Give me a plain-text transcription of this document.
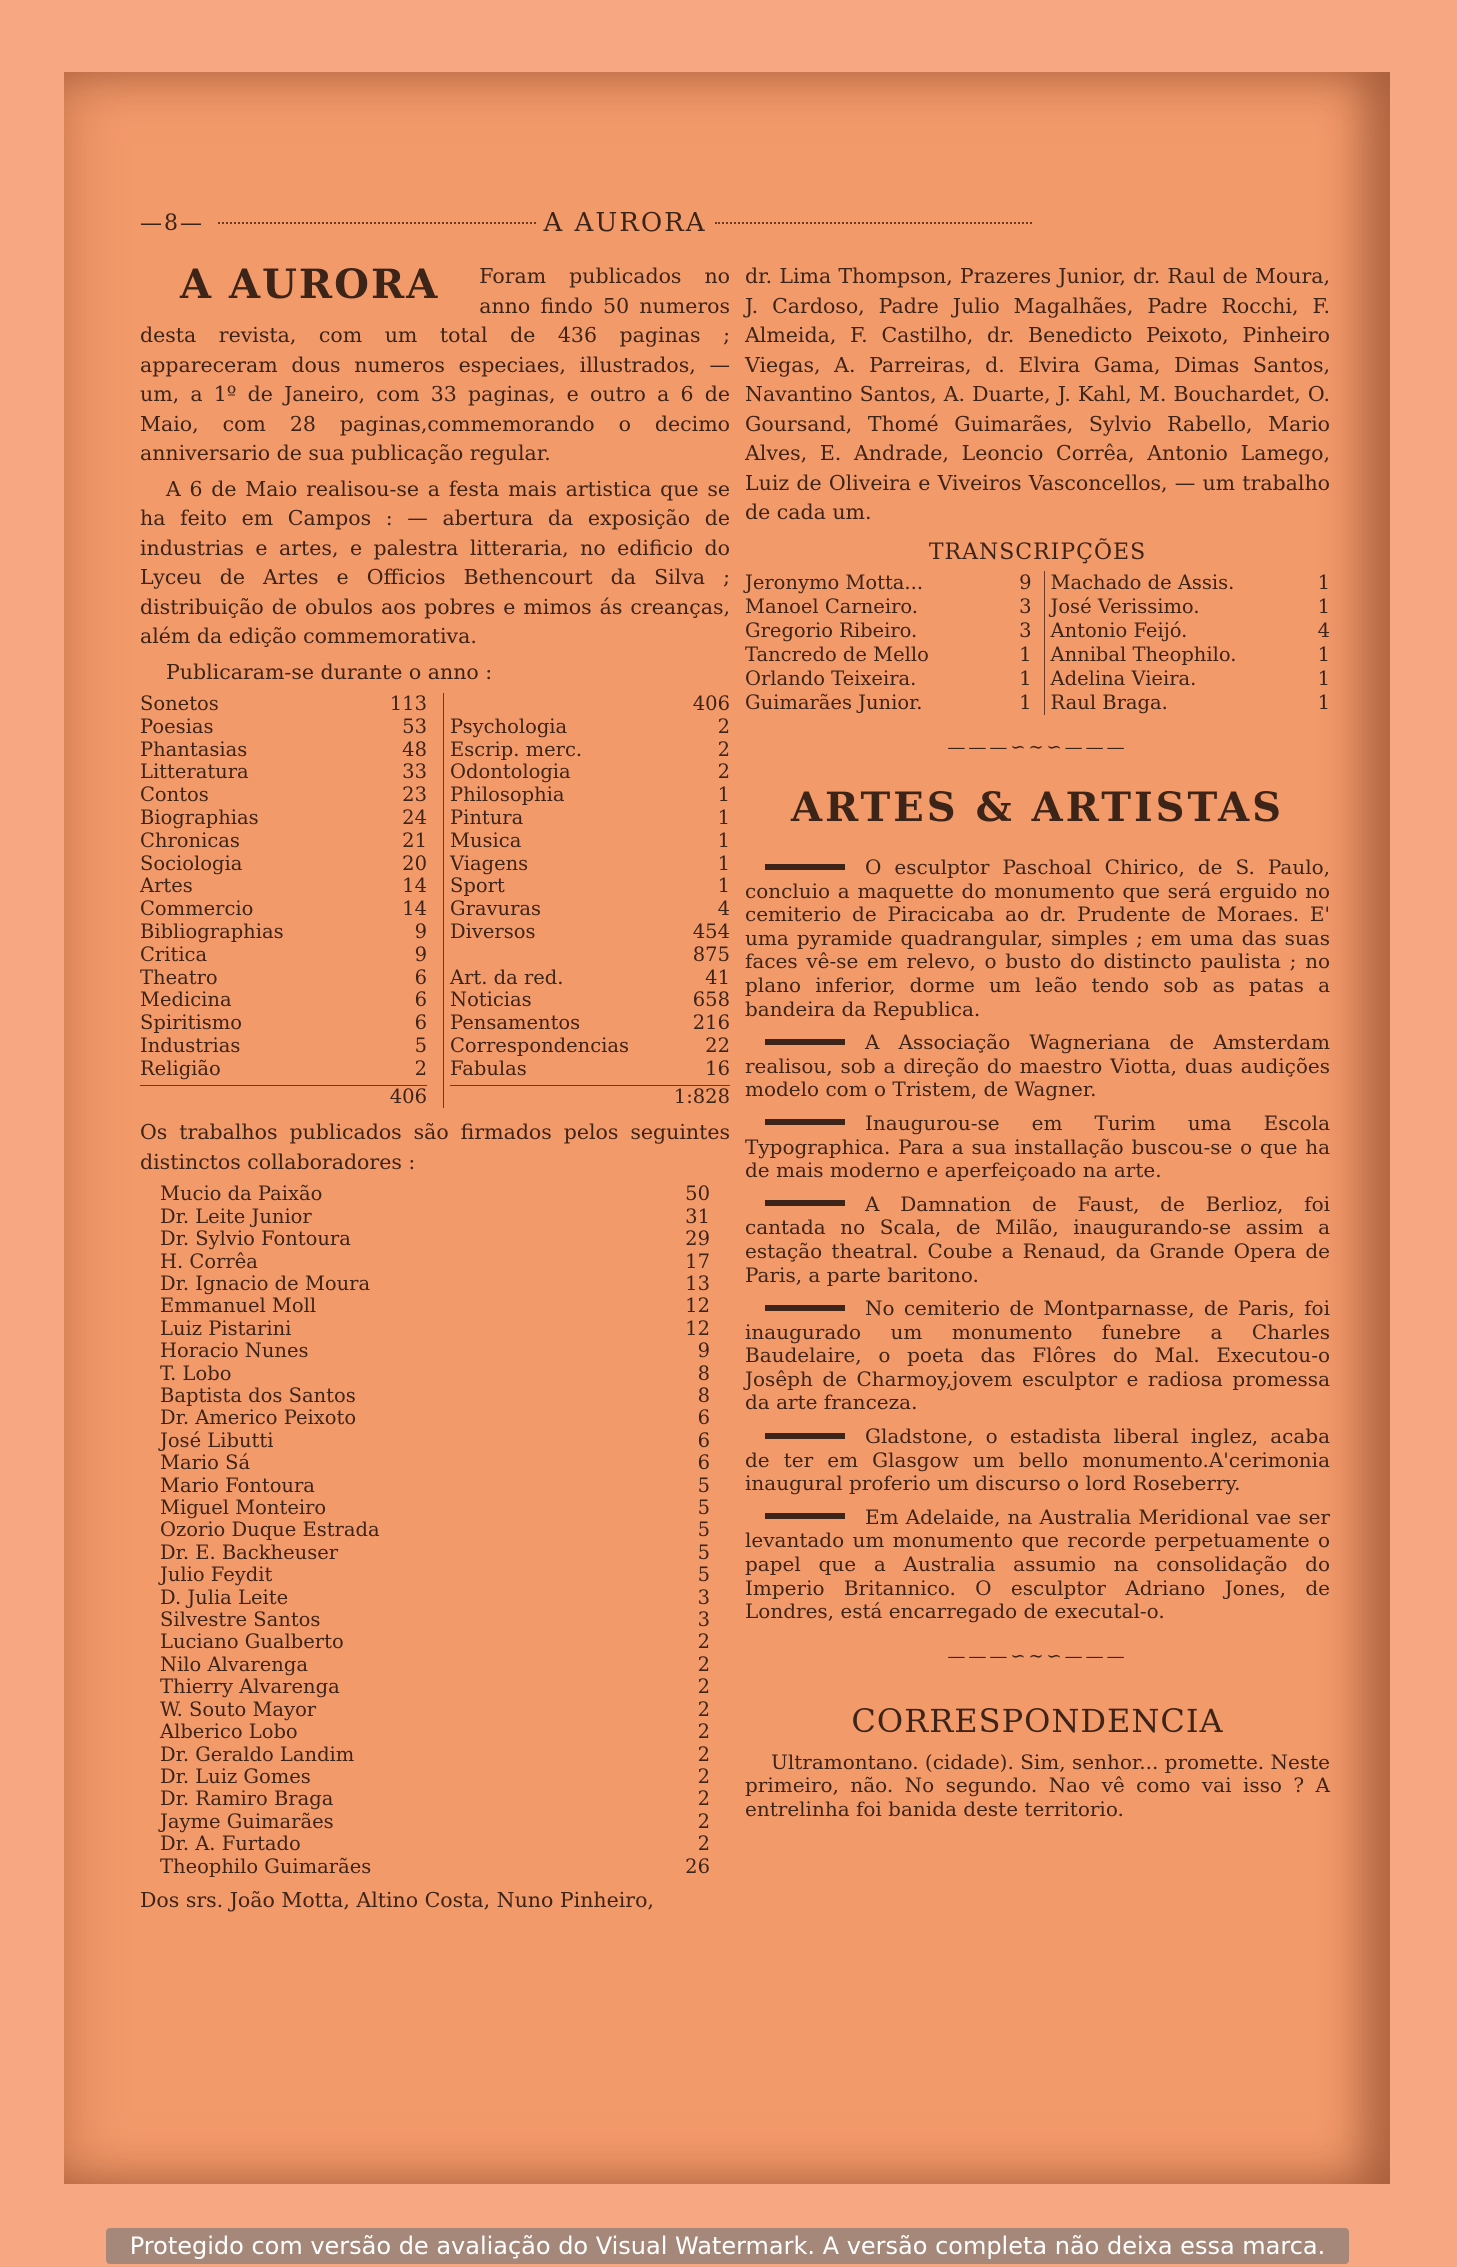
—8—	A AURORA
A AURORA	Foram publicados no anno findo 50 numeros desta revista, com um total de 436 paginas ; appareceram dous numeros especiaes, illustrados, — um, a 1º de Janeiro, com 33 paginas, e outro a 6 de Maio, com 28 paginas,commemorando o decimo anniversario de sua publicação regular.

A 6 de Maio realisou-se a festa mais artistica que se ha feito em Campos : — abertura da exposição de industrias e artes, e palestra litteraria, no edificio do Lyceu de Artes e Officios Bethencourt da Silva ; distribuição de obulos aos pobres e mimos ás creanças, além da edição commemorativa.

Publicaram-se durante o anno :

Sonetos	113
Poesias	53
Phantasias	48
Litteratura	33
Contos	23
Biographias	24
Chronicas	21
Sociologia	20
Artes	14
Commercio	14
Bibliographias	9
Critica	9
Theatro	6
Medicina	6
Spiritismo	6
Industrias	5
Religião	2
406
406
Psychologia	2
Escrip. merc.	2
Odontologia	2
Philosophia	1
Pintura	1
Musica	1
Viagens	1
Sport	1
Gravuras	4
Diversos	454
875
Art. da red.	41
Noticias	658
Pensamentos	216
Correspondencias	22
Fabulas	16
1:828

Os trabalhos publicados são firmados pelos seguintes distinctos collaboradores :

Mucio da Paixão	50
Dr. Leite Junior	31
Dr. Sylvio Fontoura	29
H. Corrêa	17
Dr. Ignacio de Moura	13
Emmanuel Moll	12
Luiz Pistarini	12
Horacio Nunes	9
T. Lobo	8
Baptista dos Santos	8
Dr. Americo Peixoto	6
José Libutti	6
Mario Sá	6
Mario Fontoura	5
Miguel Monteiro	5
Ozorio Duque Estrada	5
Dr. E. Backheuser	5
Julio Feydit	5
D. Julia Leite	3
Silvestre Santos	3
Luciano Gualberto	2
Nilo Alvarenga	2
Thierry Alvarenga	2
W. Souto Mayor	2
Alberico Lobo	2
Dr. Geraldo Landim	2
Dr. Luiz Gomes	2
Dr. Ramiro Braga	2
Jayme Guimarães	2
Dr. A. Furtado	2
Theophilo Guimarães	26

Dos srs. João Motta, Altino Costa, Nuno Pinheiro,

dr. Lima Thompson, Prazeres Junior, dr. Raul de Moura, J. Cardoso, Padre Julio Magalhães, Padre Rocchi, F. Almeida, F. Castilho, dr. Benedicto Peixoto, Pinheiro Viegas, A. Parreiras, d. Elvira Gama, Dimas Santos, Navantino Santos, A. Duarte, J. Kahl, M. Bouchardet, O. Goursand, Thomé Guimarães, Sylvio Rabello, Mario Alves, E. Andrade, Leoncio Corrêa, Antonio Lamego, Luiz de Oliveira e Viveiros Vasconcellos, — um trabalho de cada um.

TRANSCRIPÇÕES
Jeronymo Motta...	9
Manoel Carneiro.	3
Gregorio Ribeiro.	3
Tancredo de Mello	1
Orlando Teixeira.	1
Guimarães Junior.	1
Machado de Assis.	1
José Verissimo.	1
Antonio Feijó.	4
Annibal Theophilo.	1
Adelina Vieira.	1
Raul Braga.	1
———∽∼∽———
ARTES & ARTISTAS
O esculptor Paschoal Chirico, de S. Paulo, concluio a maquette do monumento que será erguido no cemiterio de Piracicaba ao dr. Prudente de Moraes. E' uma pyramide quadrangular, simples ; em uma das suas faces vê-se em relevo, o busto do distincto paulista ; no plano inferior, dorme um leão tendo sob as patas a bandeira da Republica.
A Associação Wagneriana de Amsterdam realisou, sob a direção do maestro Viotta, duas audições modelo com o Tristem, de Wagner.
Inaugurou-se em Turim uma Escola Typographica. Para a sua installação buscou-se o que ha de mais moderno e aperfeiçoado na arte.
A Damnation de Faust, de Berlioz, foi cantada no Scala, de Milão, inaugurando-se assim a estação theatral. Coube a Renaud, da Grande Opera de Paris, a parte baritono.
No cemiterio de Montparnasse, de Paris, foi inaugurado um monumento funebre a Charles Baudelaire, o poeta das Flôres do Mal. Executou-o Josêph de Charmoy,jovem esculptor e radiosa promessa da arte franceza.
Gladstone, o estadista liberal inglez, acaba de ter em Glasgow um bello monumento.A'cerimonia inaugural proferio um discurso o lord Roseberry.
Em Adelaide, na Australia Meridional vae ser levantado um monumento que recorde perpetuamente o papel que a Australia assumio na consolidação do Imperio Britannico. O esculptor Adriano Jones, de Londres, está encarregado de executal-o.
———∽∼∽———
CORRESPONDENCIA

Ultramontano. (cidade). Sim, senhor... promette. Neste primeiro, não. No segundo. Nao vê como vai isso ? A entrelinha foi banida deste territorio.

Protegido com versão de avaliação do Visual Watermark. A versão completa não deixa essa marca.
